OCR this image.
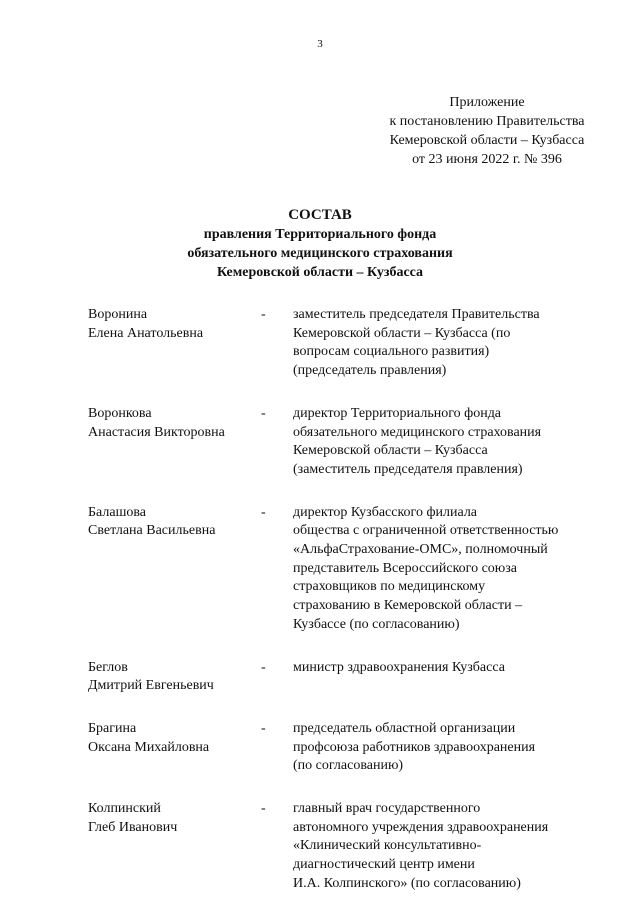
3
Приложение
к постановлению Правительства
Кемеровской области – Кузбасса
от 23 июня 2022 г. № 396
СОСТАВ
правления Территориального фонда
обязательного медицинского страхования
Кемеровской области – Кузбасса
Воронина
Елена Анатольевна
-	заместитель председателя Правительства
Кемеровской области – Кузбасса (по
вопросам социального развития)
(председатель правления)
Воронкова
Анастасия Викторовна
-	директор Территориального фонда
обязательного медицинского страхования
Кемеровской области – Кузбасса
(заместитель председателя правления)
Балашова
Светлана Васильевна
-	директор Кузбасского филиала
общества с ограниченной ответственностью
«АльфаСтрахование-ОМС», полномочный
представитель Всероссийского союза
страховщиков по медицинскому
страхованию в Кемеровской области –
Кузбассе (по согласованию)
Беглов
Дмитрий Евгеньевич
-	министр здравоохранения Кузбасса
Брагина
Оксана Михайловна
-	председатель областной организации
профсоюза работников здравоохранения
(по согласованию)
Колпинский
Глеб Иванович
-	главный врач государственного
автономного учреждения здравоохранения
«Клинический консультативно-
диагностический центр имени
И.А. Колпинского» (по согласованию)
